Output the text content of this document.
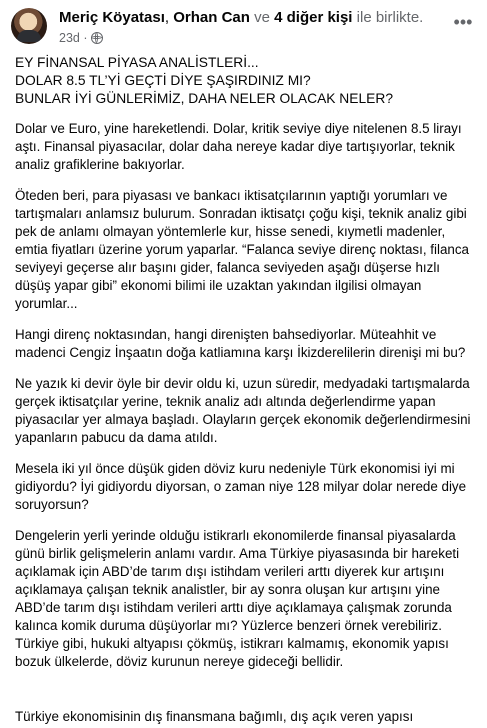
Meriç Köyatası, Orhan Can ve 4 diğer kişi ile birlikte.
23d ·
•••

EY FİNANSAL PİYASA ANALİSTLERİ...
DOLAR 8.5 TL’Yİ GEÇTİ DİYE ŞAŞIRDINIZ MI?
BUNLAR İYİ GÜNLERİMİZ, DAHA NELER OLACAK NELER?

Dolar ve Euro, yine hareketlendi. Dolar, kritik seviye diye nitelenen 8.5 lirayı aştı. Finansal piyasacılar, dolar daha nereye kadar diye tartışıyorlar, teknik analiz grafiklerine bakıyorlar.

Öteden beri, para piyasası ve bankacı iktisatçılarının yaptığı yorumları ve tartışmaları anlamsız bulurum. Sonradan iktisatçı çoğu kişi, teknik analiz gibi pek de anlamı olmayan yöntemlerle kur, hisse senedi, kıymetli madenler, emtia fiyatları üzerine yorum yaparlar. “Falanca seviye direnç noktası, filanca seviyeyi geçerse alır başını gider, falanca seviyeden aşağı düşerse hızlı düşüş yapar gibi” ekonomi bilimi ile uzaktan yakından ilgilisi olmayan yorumlar...

Hangi direnç noktasından, hangi direnişten bahsediyorlar. Müteahhit ve madenci Cengiz İnşaatın doğa katliamına karşı İkizderelilerin direnişi mi bu?

Ne yazık ki devir öyle bir devir oldu ki, uzun süredir, medyadaki tartışmalarda gerçek iktisatçılar yerine, teknik analiz adı altında değerlendirme yapan piyasacılar yer almaya başladı. Olayların gerçek ekonomik değerlendirmesini yapanların pabucu da dama atıldı.

Mesela iki yıl önce düşük giden döviz kuru nedeniyle Türk ekonomisi iyi mi gidiyordu? İyi gidiyordu diyorsan, o zaman niye 128 milyar dolar nerede diye soruyorsun?

Dengelerin yerli yerinde olduğu istikrarlı ekonomilerde finansal piyasalarda günü birlik gelişmelerin anlamı vardır. Ama Türkiye piyasasında bir hareketi açıklamak için ABD’de tarım dışı istihdam verileri arttı diyerek kur artışını açıklamaya çalışan teknik analistler, bir ay sonra oluşan kur artışını yine ABD’de tarım dışı istihdam verileri arttı diye açıklamaya çalışmak zorunda kalınca komik duruma düşüyorlar mı? Yüzlerce benzeri örnek verebiliriz.

Türkiye gibi, hukuki altyapısı çökmüş, istikrarı kalmamış, ekonomik yapısı bozuk ülkelerde, döviz kurunun nereye gideceği bellidir.

Türkiye ekonomisinin dış finansmana bağımlı, dış açık veren yapısı
